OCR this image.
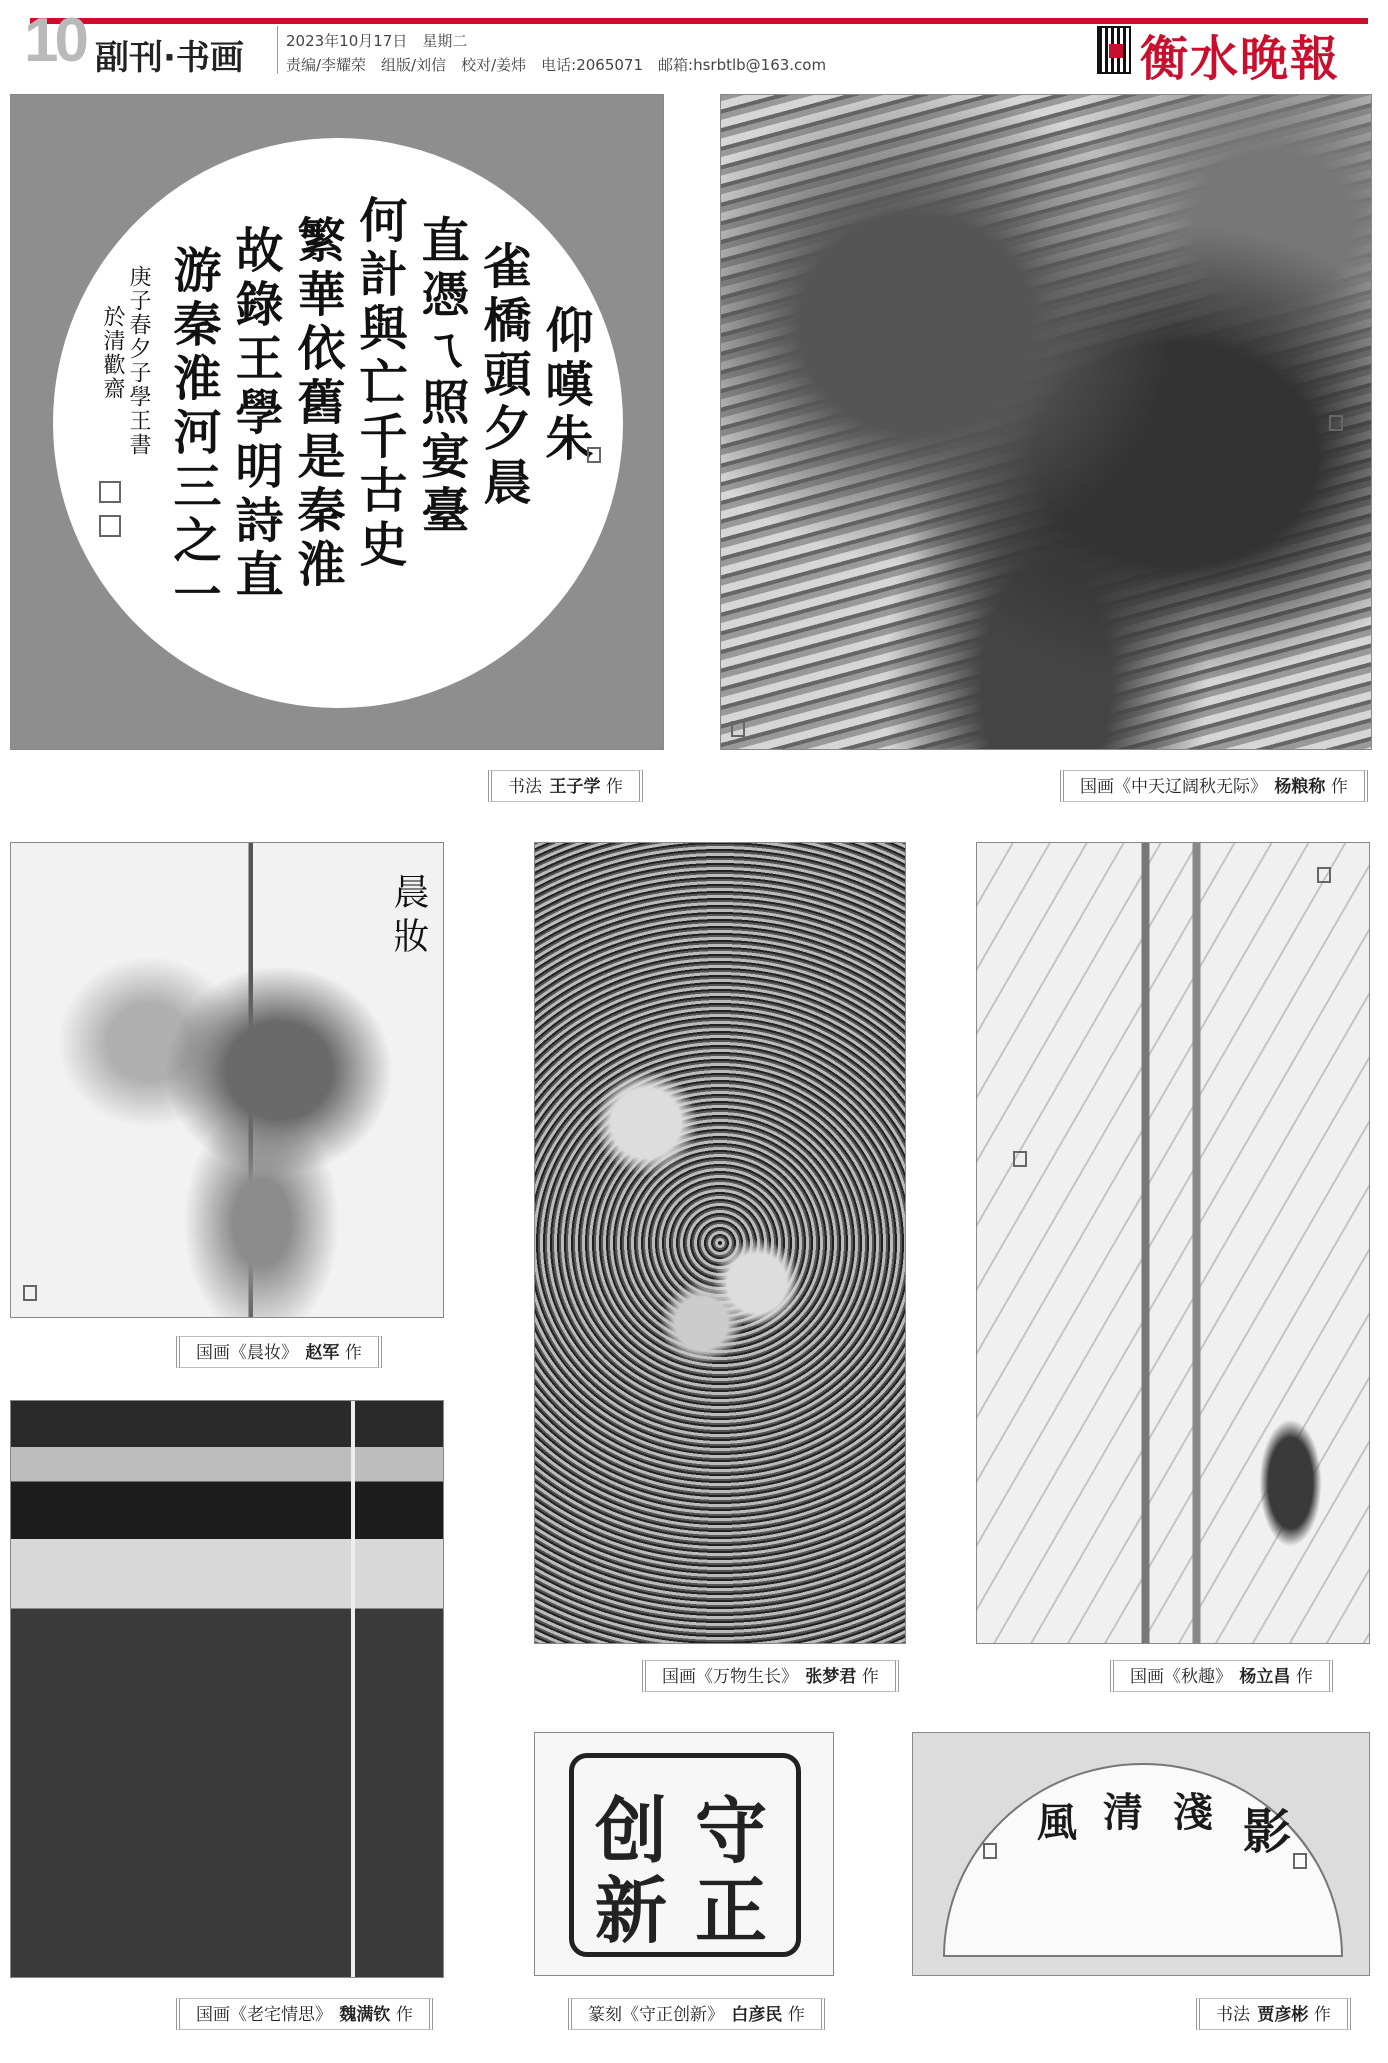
10 副刊·书画	2023年10月17日　星期二
责编/李耀荣　组版/刘信　校对/姜炜　电话:2065071　邮箱:hsrbtlb@163.com	衡水晚報
仰嘆朱
雀橋頭夕晨
直憑ㄟ照宴臺
何計與亡千古史
繁華依舊是秦淮
故錄王學明詩直
游秦淮河三之一
庚子春夕子學王書
於清歡齋
书法 王子学 作	国画《中天辽阔秋无际》 杨粮称 作
晨妝
国画《晨妆》 赵军 作
国画《万物生长》 张梦君 作	国画《秋趣》 杨立昌 作
国画《老宅情思》 魏满钦 作
守
正
创
新
篆刻《守正创新》 白彦民 作
影
淺
清
風
书法 贾彦彬 作
